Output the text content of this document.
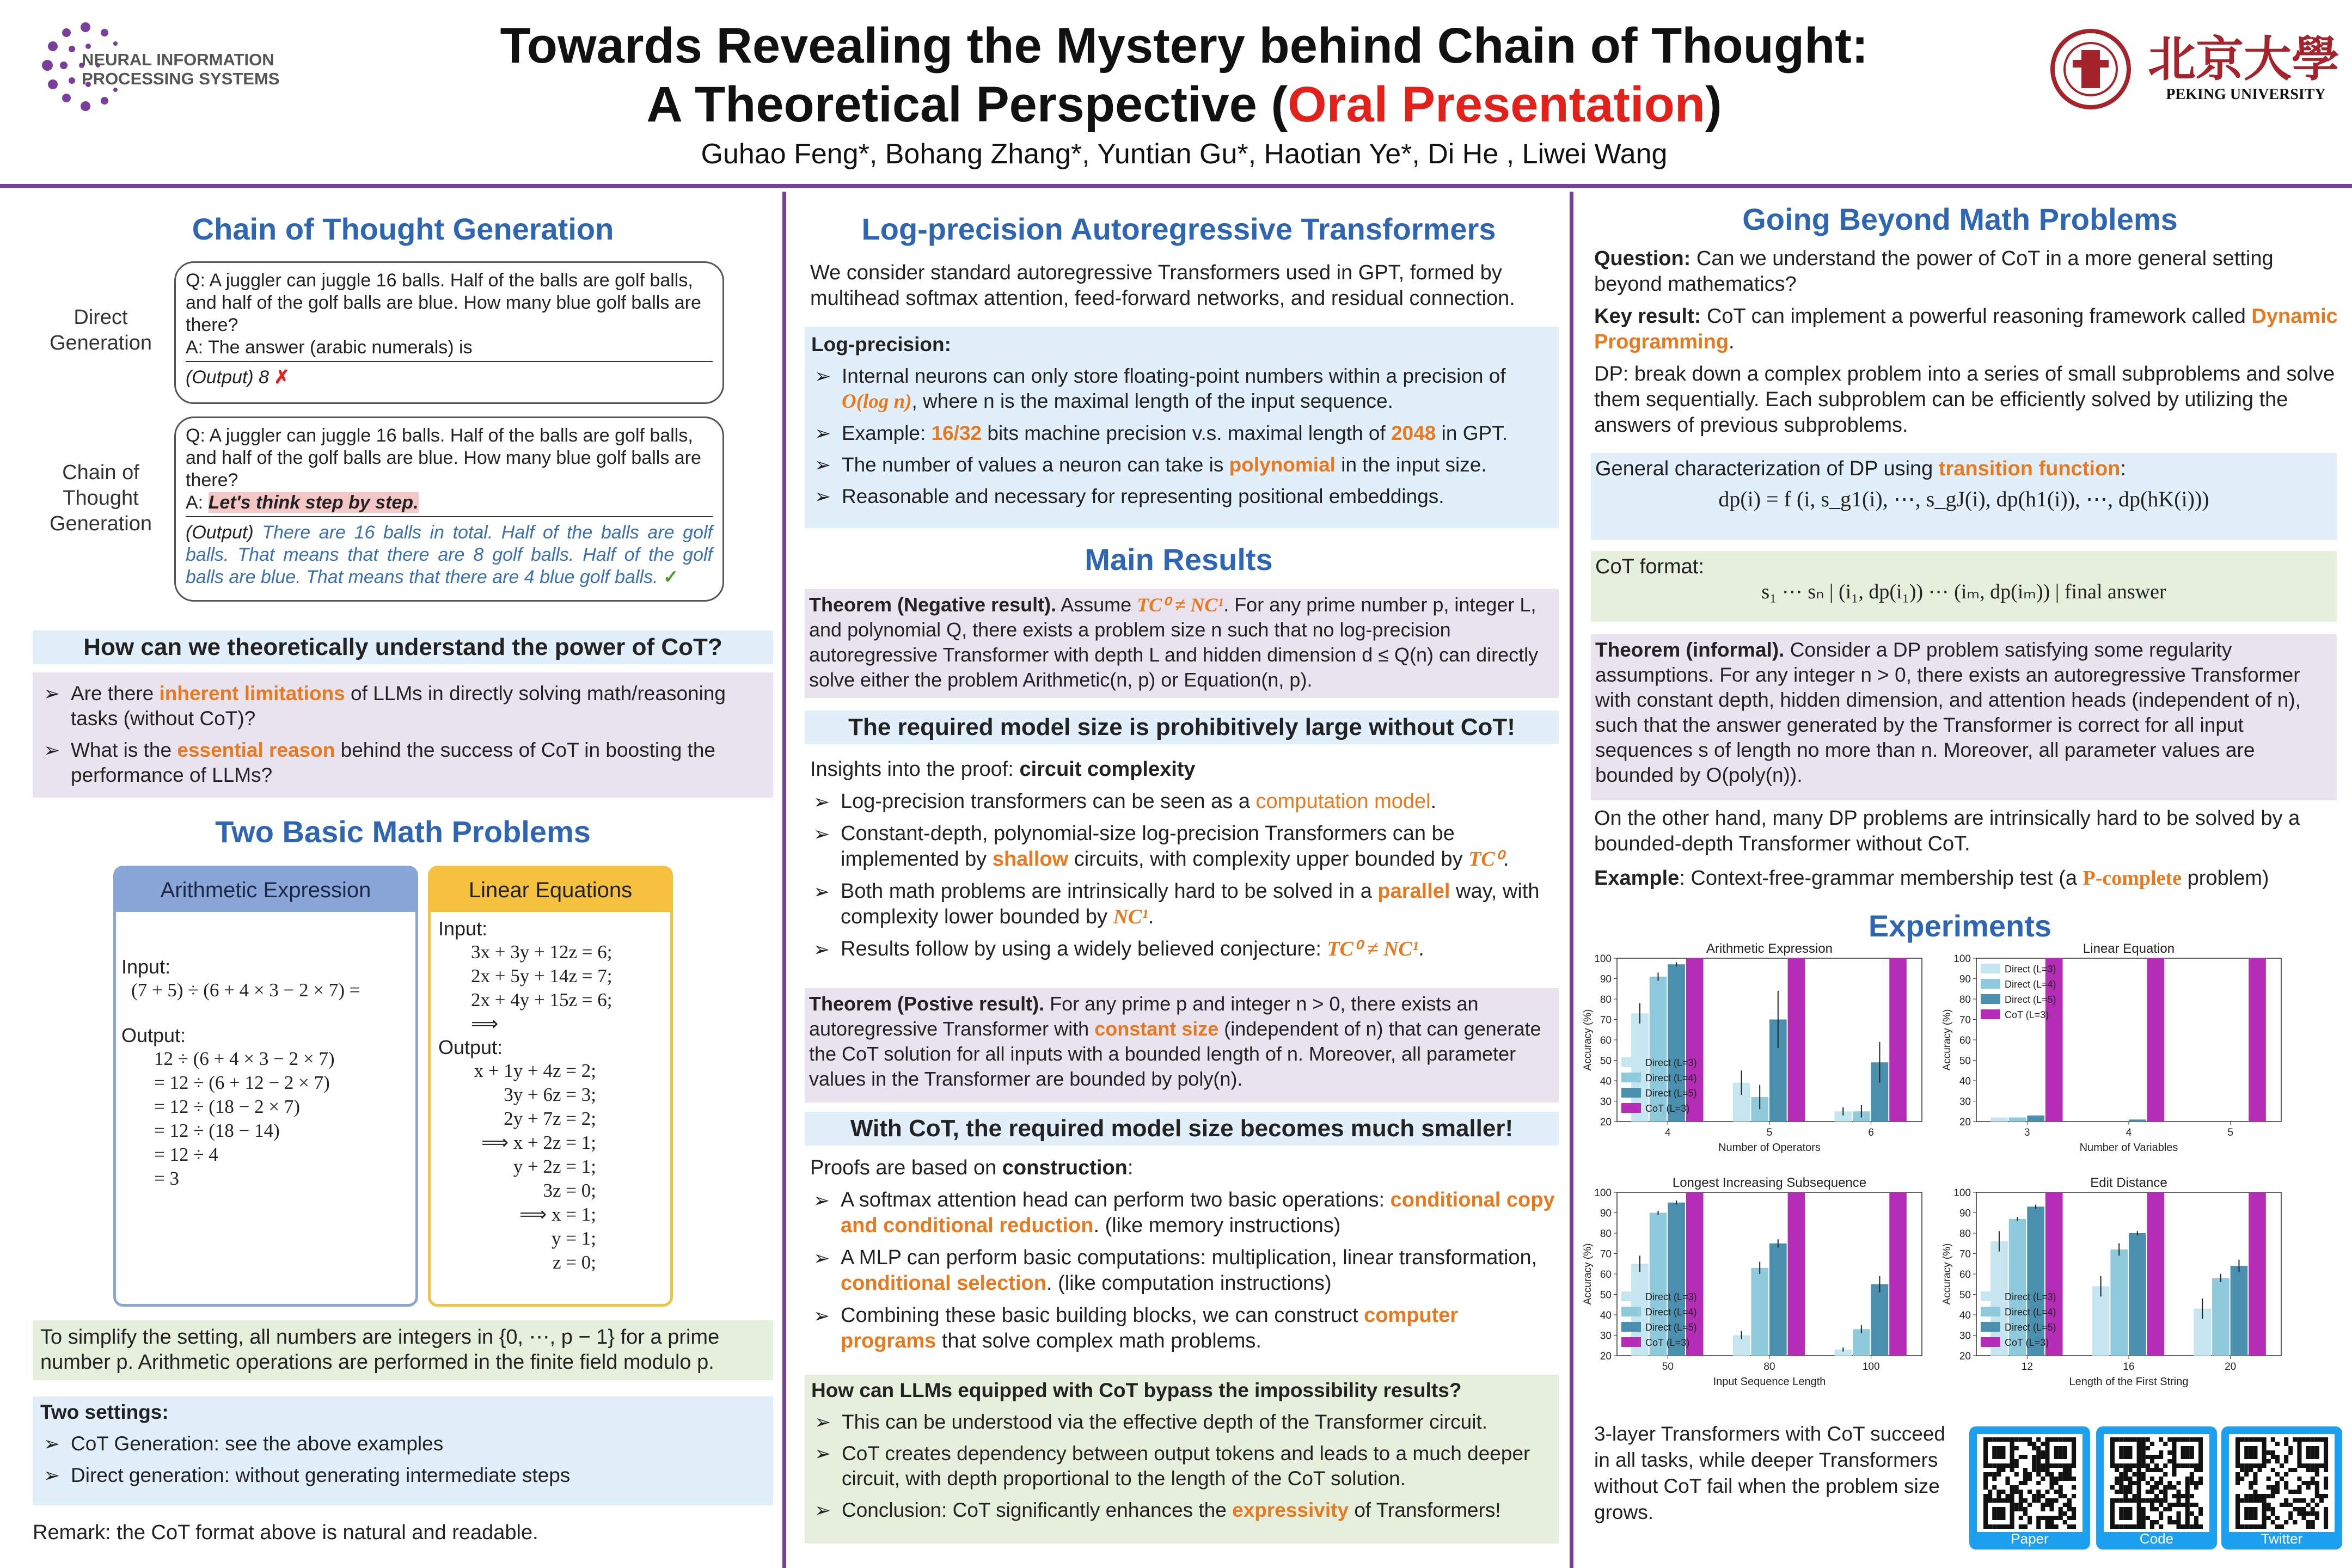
NEURAL INFORMATION PROCESSING SYSTEMS
Towards Revealing the Mystery behind Chain of Thought:
A Theoretical Perspective (Oral Presentation)
Guhao Feng*, Bohang Zhang*, Yuntian Gu*, Haotian Ye*, Di He , Liwei Wang
北京大學
PEKING UNIVERSITY
Chain of Thought Generation
Direct Generation
Q: A juggler can juggle 16 balls. Half of the balls are golf balls, and half of the golf balls are blue. How many blue golf balls are there?
A: The answer (arabic numerals) is
(Output) 8 ✗
Chain of Thought Generation
Q: A juggler can juggle 16 balls. Half of the balls are golf balls, and half of the golf balls are blue. How many blue golf balls are there?
A: Let's think step by step.
(Output) There are 16 balls in total. Half of the balls are golf balls. That means that there are 8 golf balls. Half of the golf balls are blue. That means that there are 4 blue golf balls. ✓
How can we theoretically understand the power of CoT?
➢ Are there inherent limitations of LLMs in directly solving math/reasoning tasks (without CoT)?
➢ What is the essential reason behind the success of CoT in boosting the performance of LLMs?
Two Basic Math Problems
Arithmetic Expression
Input:
(7 + 5) ÷ (6 + 4 × 3 − 2 × 7) =
Output:
12 ÷ (6 + 4 × 3 − 2 × 7)
= 12 ÷ (6 + 12 − 2 × 7)
= 12 ÷ (18 − 2 × 7)
= 12 ÷ (18 − 14)
= 12 ÷ 4
= 3
Linear Equations
Input:
3x + 3y + 12z = 6;
2x + 5y + 14z = 7;
2x + 4y + 15z = 6;
⟹
Output:
x + 1y + 4z = 2;
3y + 6z = 3;
2y + 7z = 2;
⟹ x + 2z = 1;
y + 2z = 1;
3z = 0;
⟹ x = 1;
y = 1;
z = 0;
To simplify the setting, all numbers are integers in {0, ⋯, p − 1} for a prime number p. Arithmetic operations are performed in the finite field modulo p.
Two settings:
➢ CoT Generation: see the above examples
➢ Direct generation: without generating intermediate steps
Remark: the CoT format above is natural and readable.
Log-precision Autoregressive Transformers
We consider standard autoregressive Transformers used in GPT, formed by multihead softmax attention, feed-forward networks, and residual connection.
Log-precision:
➢ Internal neurons can only store floating-point numbers within a precision of O(log n), where n is the maximal length of the input sequence.
➢ Example: 16/32 bits machine precision v.s. maximal length of 2048 in GPT.
➢ The number of values a neuron can take is polynomial in the input size.
➢ Reasonable and necessary for representing positional embeddings.
Main Results
Theorem (Negative result). Assume TC⁰ ≠ NC¹. For any prime number p, integer L, and polynomial Q, there exists a problem size n such that no log-precision autoregressive Transformer with depth L and hidden dimension d ≤ Q(n) can directly solve either the problem Arithmetic(n, p) or Equation(n, p).
The required model size is prohibitively large without CoT!
Insights into the proof: circuit complexity
➢ Log-precision transformers can be seen as a computation model.
➢ Constant-depth, polynomial-size log-precision Transformers can be implemented by shallow circuits, with complexity upper bounded by TC⁰.
➢ Both math problems are intrinsically hard to be solved in a parallel way, with complexity lower bounded by NC¹.
➢ Results follow by using a widely believed conjecture: TC⁰ ≠ NC¹.
Theorem (Postive result). For any prime p and integer n > 0, there exists an autoregressive Transformer with constant size (independent of n) that can generate the CoT solution for all inputs with a bounded length of n. Moreover, all parameter values in the Transformer are bounded by poly(n).
With CoT, the required model size becomes much smaller!
Proofs are based on construction:
➢ A softmax attention head can perform two basic operations: conditional copy and conditional reduction. (like memory instructions)
➢ A MLP can perform basic computations: multiplication, linear transformation, conditional selection. (like computation instructions)
➢ Combining these basic building blocks, we can construct computer programs that solve complex math problems.
How can LLMs equipped with CoT bypass the impossibility results?
➢ This can be understood via the effective depth of the Transformer circuit.
➢ CoT creates dependency between output tokens and leads to a much deeper circuit, with depth proportional to the length of the CoT solution.
➢ Conclusion: CoT significantly enhances the expressivity of Transformers!
Going Beyond Math Problems
Question: Can we understand the power of CoT in a more general setting beyond mathematics?
Key result: CoT can implement a powerful reasoning framework called Dynamic Programming.
DP: break down a complex problem into a series of small subproblems and solve them sequentially. Each subproblem can be efficiently solved by utilizing the answers of previous subproblems.
General characterization of DP using transition function:
dp(i) = f (i, s_g1(i), ⋯, s_gJ(i), dp(h1(i)), ⋯, dp(hK(i)))
CoT format:
s₁ ⋯ sₙ | (i₁, dp(i₁)) ⋯ (iₘ, dp(iₘ)) | final answer
Theorem (informal). Consider a DP problem satisfying some regularity assumptions. For any integer n > 0, there exists an autoregressive Transformer with constant depth, hidden dimension, and attention heads (independent of n), such that the answer generated by the Transformer is correct for all input sequences s of length no more than n. Moreover, all parameter values are bounded by O(poly(n)).
On the other hand, many DP problems are intrinsically hard to be solved by a bounded-depth Transformer without CoT.
Example: Context-free-grammar membership test (a P-complete problem)
Experiments
Arithmetic Expression
20
30
40
50
60
70
80
90
100
Accuracy (%)
Number of Operators
4	5	6
Direct (L=3)
Direct (L=4)
Direct (L=5)
CoT (L=3)
Linear Equation
20
30
40
50
60
70
80
90
100
Accuracy (%)
Number of Variables
3	4	5
Direct (L=3)
Direct (L=4)
Direct (L=5)
CoT (L=3)
Longest Increasing Subsequence
20
30
40
50
60
70
80
90
100
Accuracy (%)
Input Sequence Length
50	80	100
Direct (L=3)
Direct (L=4)
Direct (L=5)
CoT (L=3)
Edit Distance
20
30
40
50
60
70
80
90
100
Accuracy (%)
Length of the First String
12	16	20
Direct (L=3)
Direct (L=4)
Direct (L=5)
CoT (L=3)
3-layer Transformers with CoT succeed in all tasks, while deeper Transformers without CoT fail when the problem size grows.
Paper	Code	Twitter
